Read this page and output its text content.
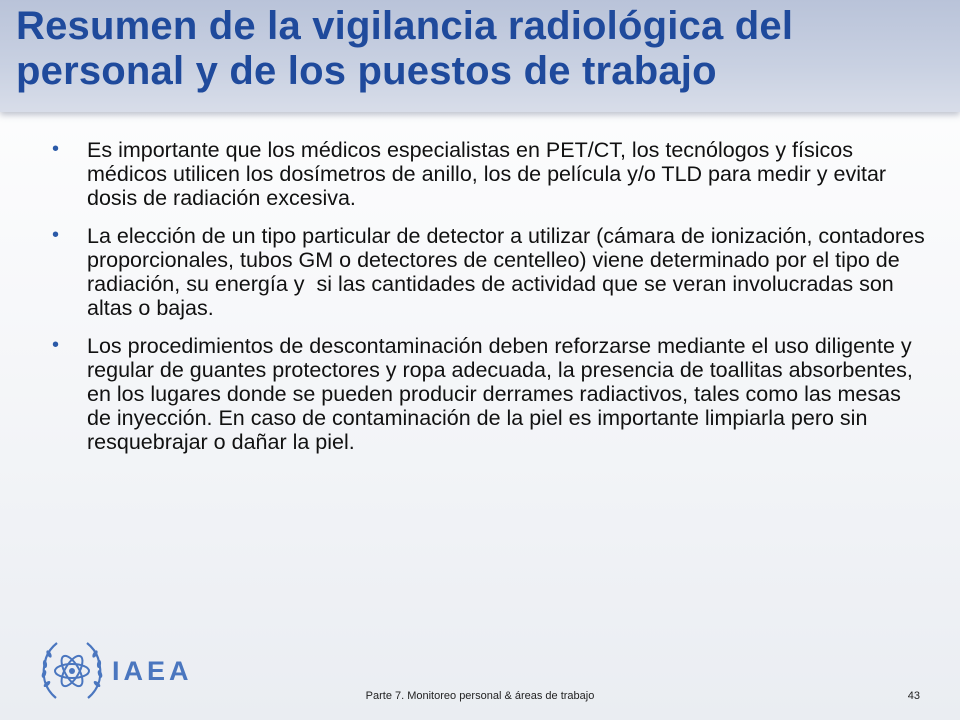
Resumen de la vigilancia radiológica del personal y de los puestos de trabajo
• Es importante que los médicos especialistas en PET/CT, los tecnólogos y físicos médicos utilicen los dosímetros de anillo, los de película y/o TLD para medir y evitar dosis de radiación excesiva.
• La elección de un tipo particular de detector a utilizar (cámara de ionización, contadores proporcionales, tubos GM o detectores de centelleo) viene determinado por el tipo de radiación, su energía y  si las cantidades de actividad que se veran involucradas son altas o bajas.
• Los procedimientos de descontaminación deben reforzarse mediante el uso diligente y regular de guantes protectores y ropa adecuada, la presencia de toallitas absorbentes, en los lugares donde se pueden producir derrames radiactivos, tales como las mesas de inyección. En caso de contaminación de la piel es importante limpiarla pero sin resquebrajar o dañar la piel.
IAEA
Parte 7. Monitoreo personal & áreas de trabajo	43
